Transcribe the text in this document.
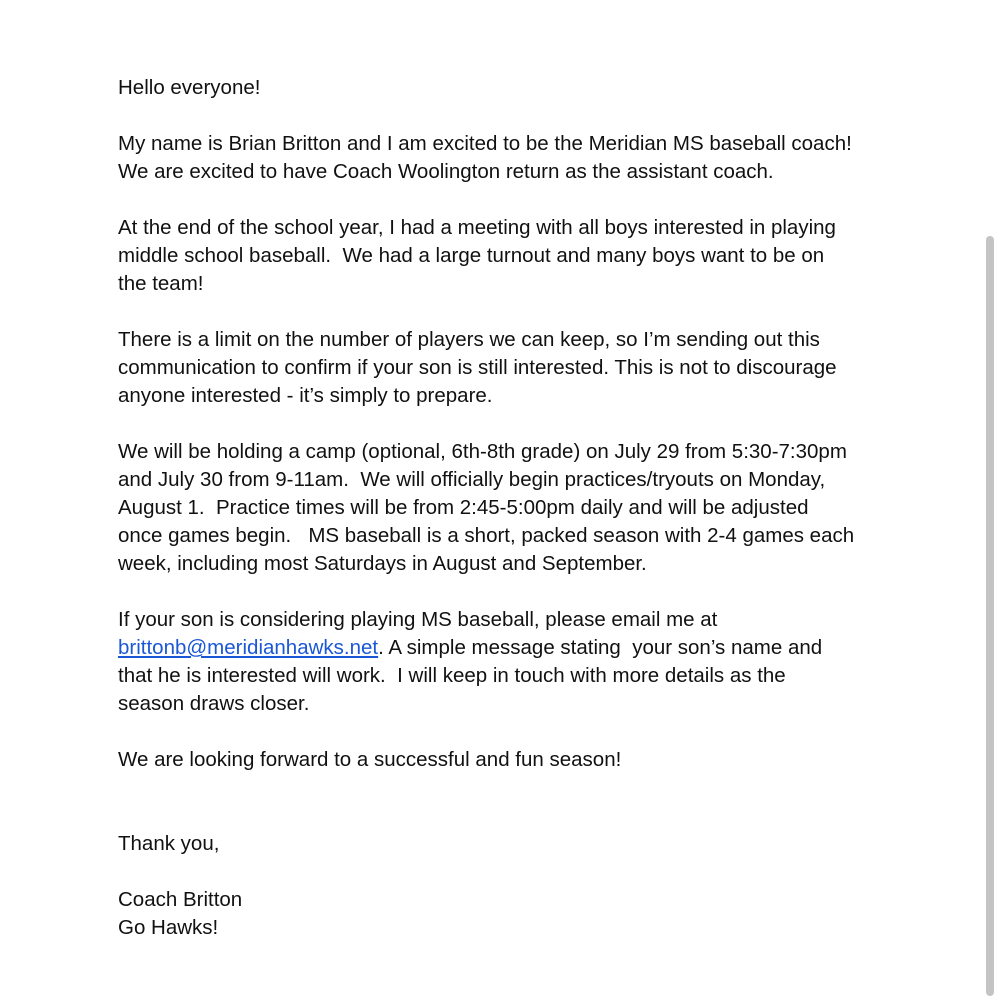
Hello everyone!

My name is Brian Britton and I am excited to be the Meridian MS baseball coach!

We are excited to have Coach Woolington return as the assistant coach.

At the end of the school year, I had a meeting with all boys interested in playing

middle school baseball.  We had a large turnout and many boys want to be on

the team!

There is a limit on the number of players we can keep, so I’m sending out this

communication to confirm if your son is still interested. This is not to discourage

anyone interested - it’s simply to prepare.

We will be holding a camp (optional, 6th-8th grade) on July 29 from 5:30-7:30pm

and July 30 from 9-11am.  We will officially begin practices/tryouts on Monday,

August 1.  Practice times will be from 2:45-5:00pm daily and will be adjusted

once games begin.   MS baseball is a short, packed season with 2-4 games each

week, including most Saturdays in August and September.

If your son is considering playing MS baseball, please email me at

brittonb@meridianhawks.net. A simple message stating  your son’s name and

that he is interested will work.  I will keep in touch with more details as the

season draws closer.

We are looking forward to a successful and fun season!

Thank you,

Coach Britton

Go Hawks!
